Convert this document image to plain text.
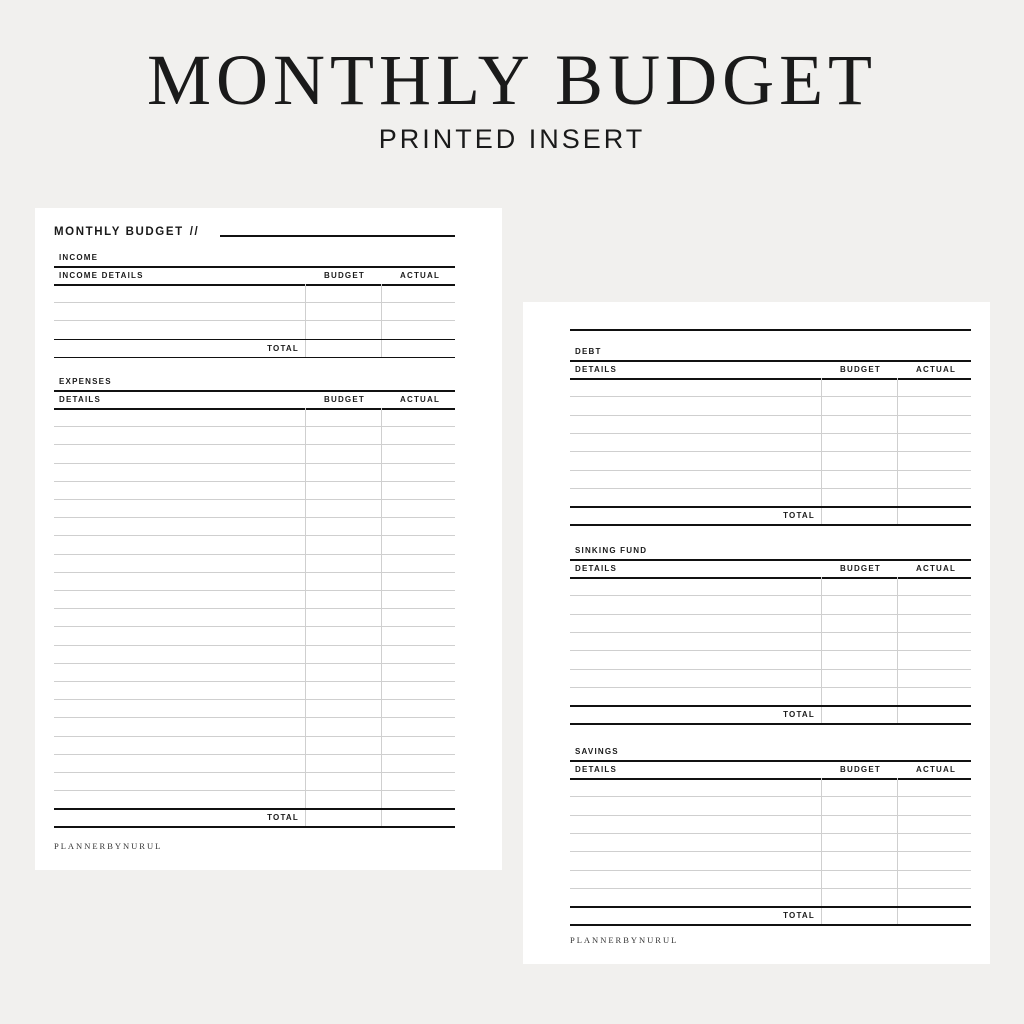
MONTHLY BUDGET
PRINTED INSERT
MONTHLY BUDGET //
PLANNERBYNURUL
INCOME
INCOME DETAILS	BUDGET	ACTUAL
TOTAL
EXPENSES
DETAILS	BUDGET	ACTUAL
TOTAL
PLANNERBYNURUL
DEBT
DETAILS	BUDGET	ACTUAL
TOTAL
SINKING FUND
DETAILS	BUDGET	ACTUAL
TOTAL
SAVINGS
DETAILS	BUDGET	ACTUAL
TOTAL
